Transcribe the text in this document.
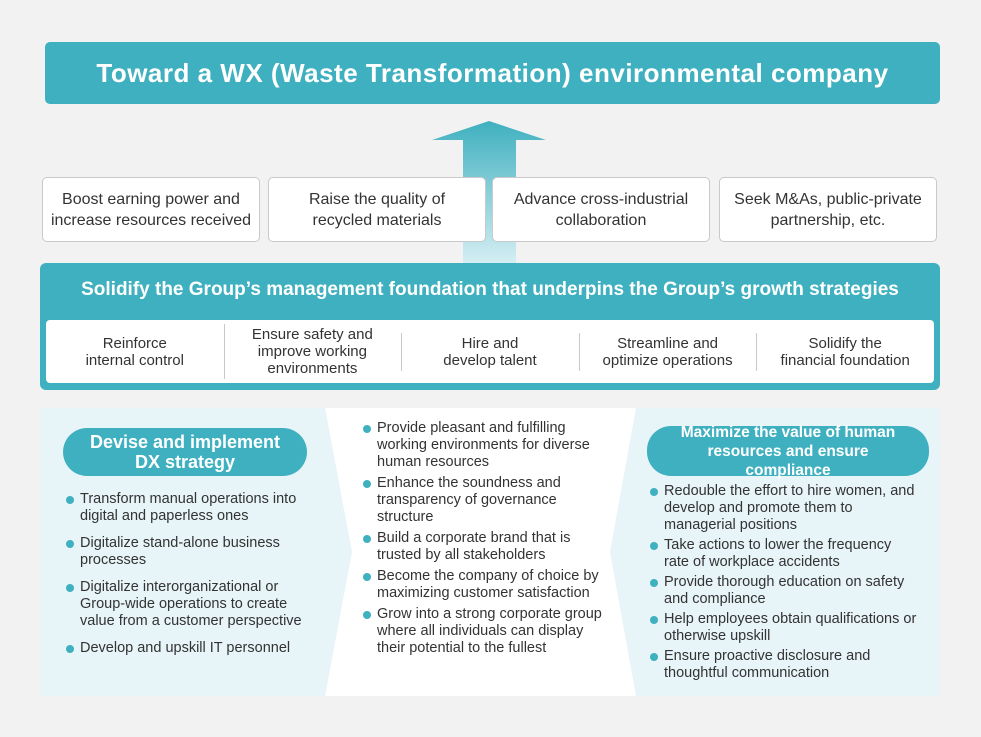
Toward a WX (Waste Transformation) environmental company
Boost earning power and increase resources received
Raise the quality of recycled materials
Advance cross-industrial collaboration
Seek M&As, public-private partnership, etc.
Solidify the Group’s management foundation that underpins the Group’s growth strategies
Reinforce
internal control
Ensure safety and
improve working
environments
Hire and
develop talent
Streamline and
optimize operations
Solidify the
financial foundation
Devise and implement DX strategy
Transform manual operations into digital and paperless ones
Digitalize stand-alone business processes
Digitalize interorganizational or Group-wide operations to create value from a customer perspective
Develop and upskill IT personnel
Provide pleasant and fulfilling working environments for diverse human resources
Enhance the soundness and transparency of governance structure
Build a corporate brand that is trusted by all stakeholders
Become the company of choice by maximizing customer satisfaction
Grow into a strong corporate group where all individuals can display their potential to the fullest
Maximize the value of human resources and ensure compliance
Redouble the effort to hire women, and develop and promote them to managerial positions
Take actions to lower the frequency rate of workplace accidents
Provide thorough education on safety and compliance
Help employees obtain qualifications or otherwise upskill
Ensure proactive disclosure and thoughtful communication
